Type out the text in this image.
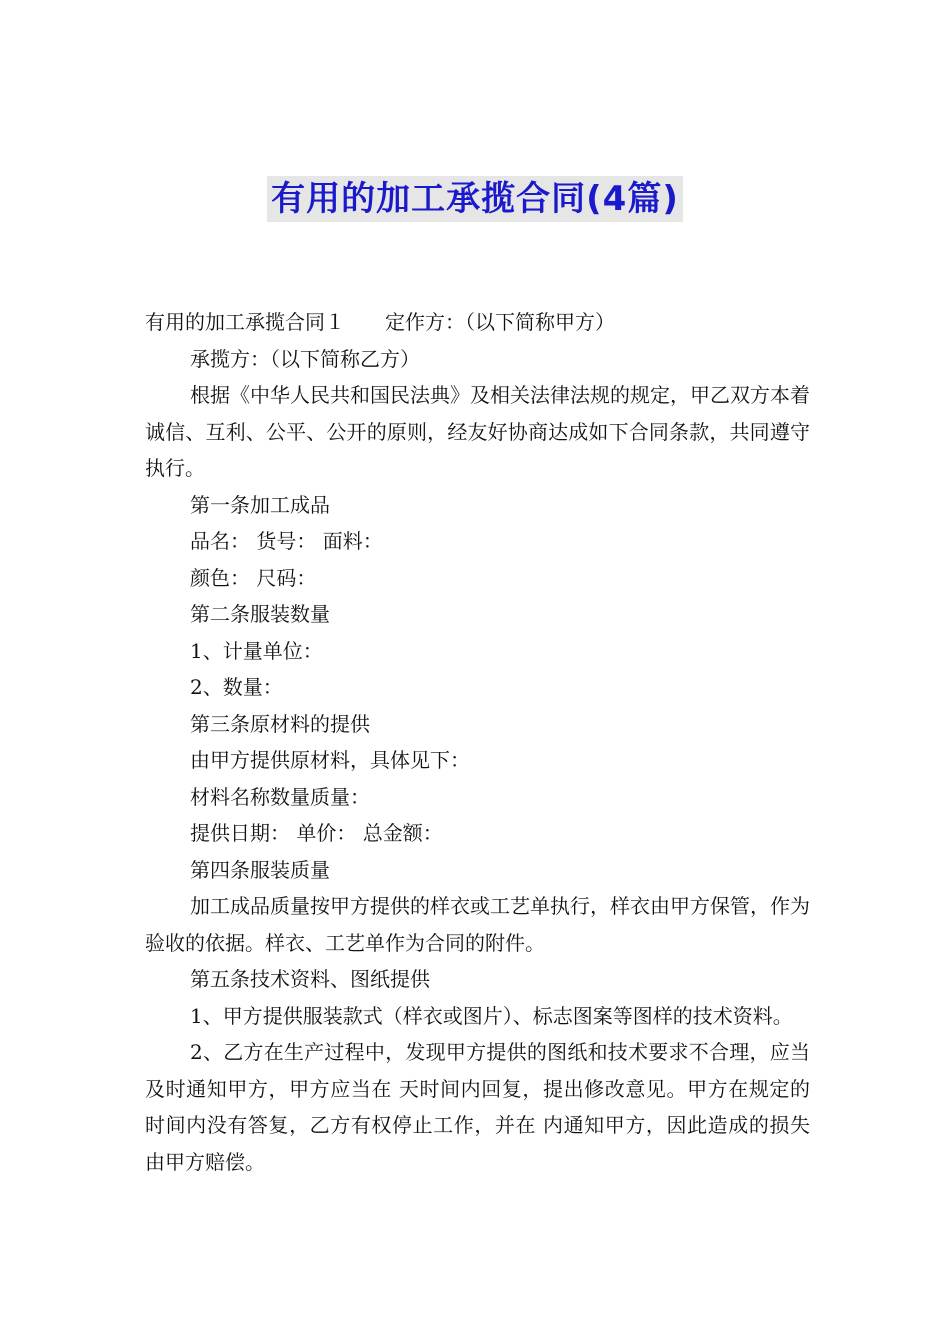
有用的加工承揽合同(4篇)

有用的加工承揽合同１ 定作方：（以下简称甲方）

承揽方：（以下简称乙方）

根据《中华人民共和国民法典》及相关法律法规的规定，甲乙双方本着诚信、互利、公平、公开的原则，经友好协商达成如下合同条款，共同遵守执行。

第一条加工成品

品名： 货号： 面料：

颜色： 尺码：

第二条服装数量

1、计量单位：

2、数量：

第三条原材料的提供

由甲方提供原材料，具体见下：

材料名称数量质量：

提供日期： 单价： 总金额：

第四条服装质量

加工成品质量按甲方提供的样衣或工艺单执行，样衣由甲方保管，作为验收的依据。样衣、工艺单作为合同的附件。

第五条技术资料、图纸提供

1、甲方提供服装款式（样衣或图片）、标志图案等图样的技术资料。

2、乙方在生产过程中，发现甲方提供的图纸和技术要求不合理，应当及时通知甲方，甲方应当在 天时间内回复，提出修改意见。甲方在规定的时间内没有答复，乙方有权停止工作，并在 内通知甲方，因此造成的损失由甲方赔偿。
